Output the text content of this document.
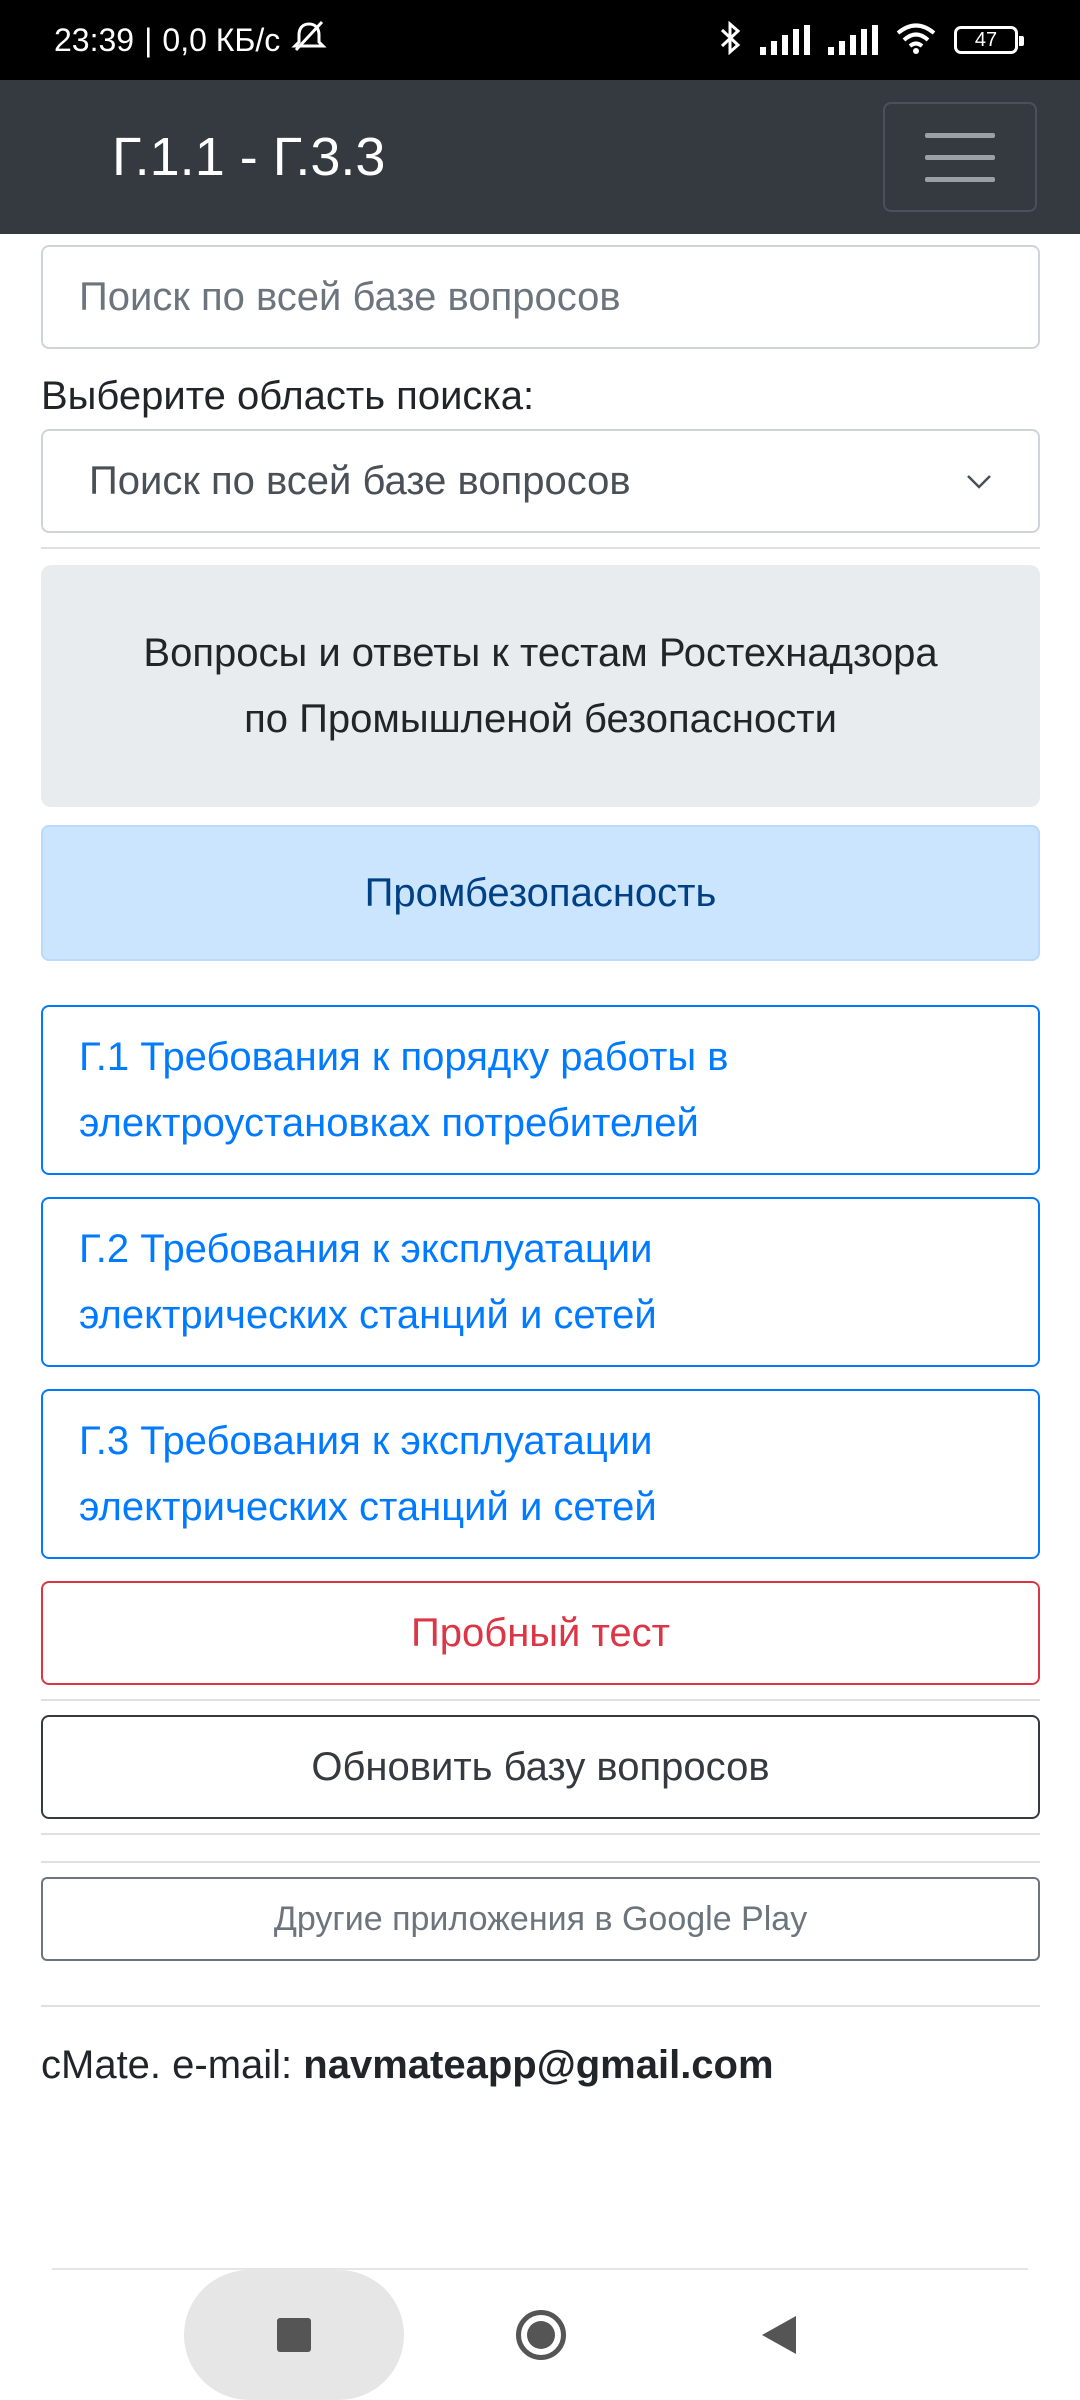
23:39 | 0,0 КБ/с	47
Г.1.1 - Г.3.3
Поиск по всей базе вопросов
Выберите область поиска:
Поиск по всей базе вопросов
Вопросы и ответы к тестам Ростехнадзора
по Промышленой безопасности
Промбезопасность
Г.1 Требования к порядку работы в
электроустановках потребителей
Г.2 Требования к эксплуатации
электрических станций и сетей
Г.3 Требования к эксплуатации
электрических станций и сетей
Пробный тест
Обновить базу вопросов
Другие приложения в Google Play
cMate. e-mail: navmateapp@gmail.com
